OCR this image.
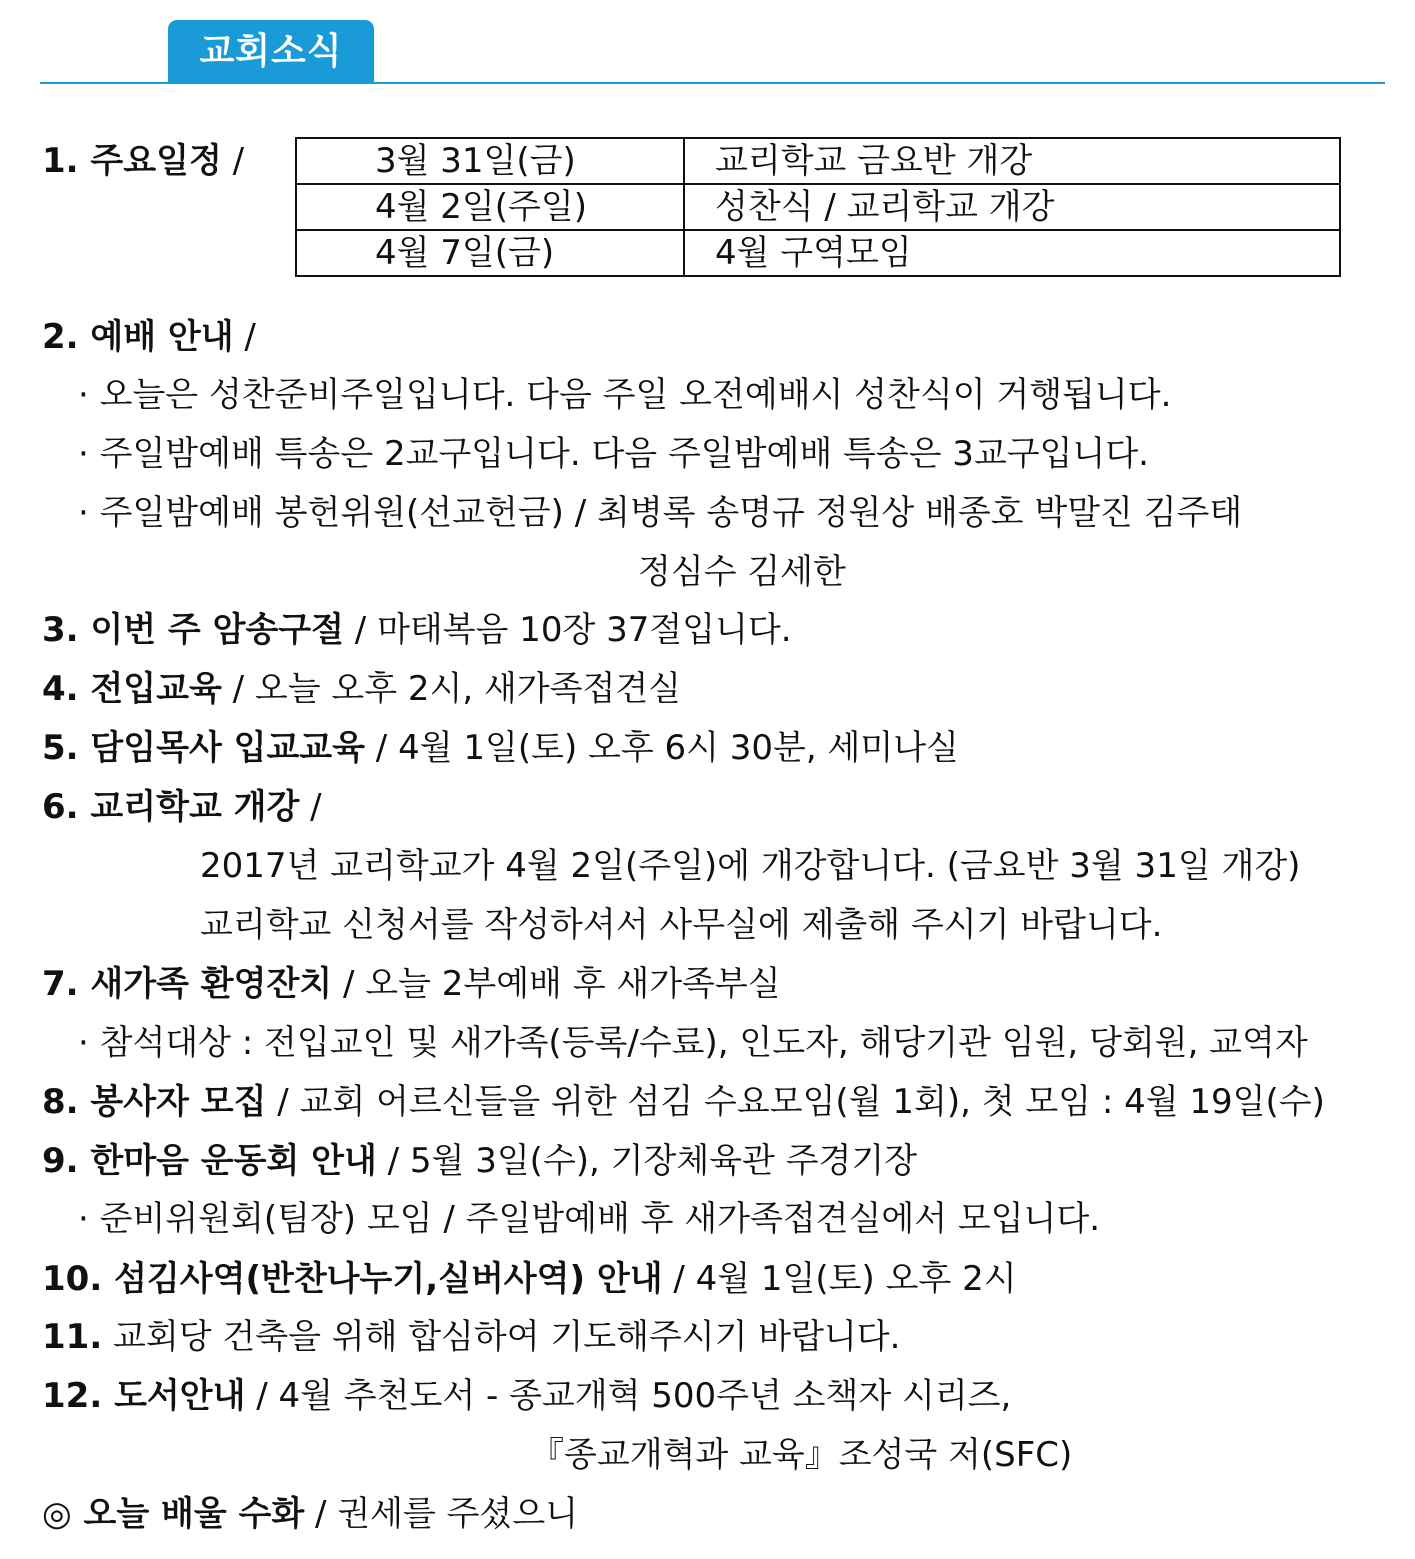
교회소식
1. 주요일정 /	3월 31일(금)	교리학교 금요반 개강
4월 2일(주일)	성찬식 / 교리학교 개강
4월 7일(금)	4월 구역모임
2. 예배 안내 /
· 오늘은 성찬준비주일입니다. 다음 주일 오전예배시 성찬식이 거행됩니다.
· 주일밤예배 특송은 2교구입니다. 다음 주일밤예배 특송은 3교구입니다.
· 주일밤예배 봉헌위원(선교헌금) / 최병록 송명규 정원상 배종호 박말진 김주태
정심수 김세한
3. 이번 주 암송구절 / 마태복음 10장 37절입니다.
4. 전입교육 / 오늘 오후 2시, 새가족접견실
5. 담임목사 입교교육 / 4월 1일(토) 오후 6시 30분, 세미나실
6. 교리학교 개강 /
2017년 교리학교가 4월 2일(주일)에 개강합니다. (금요반 3월 31일 개강)
교리학교 신청서를 작성하셔서 사무실에 제출해 주시기 바랍니다.
7. 새가족 환영잔치 / 오늘 2부예배 후 새가족부실
· 참석대상 : 전입교인 및 새가족(등록/수료), 인도자, 해당기관 임원, 당회원, 교역자
8. 봉사자 모집 / 교회 어르신들을 위한 섬김 수요모임(월 1회), 첫 모임 : 4월 19일(수)
9. 한마음 운동회 안내 / 5월 3일(수), 기장체육관 주경기장
· 준비위원회(팀장) 모임 / 주일밤예배 후 새가족접견실에서 모입니다.
10. 섬김사역(반찬나누기,실버사역) 안내 / 4월 1일(토) 오후 2시
11. 교회당 건축을 위해 합심하여 기도해주시기 바랍니다.
12. 도서안내 / 4월 추천도서 - 종교개혁 500주년 소책자 시리즈,
『종교개혁과 교육』조성국 저(SFC)
◎ 오늘 배울 수화 / 권세를 주셨으니
